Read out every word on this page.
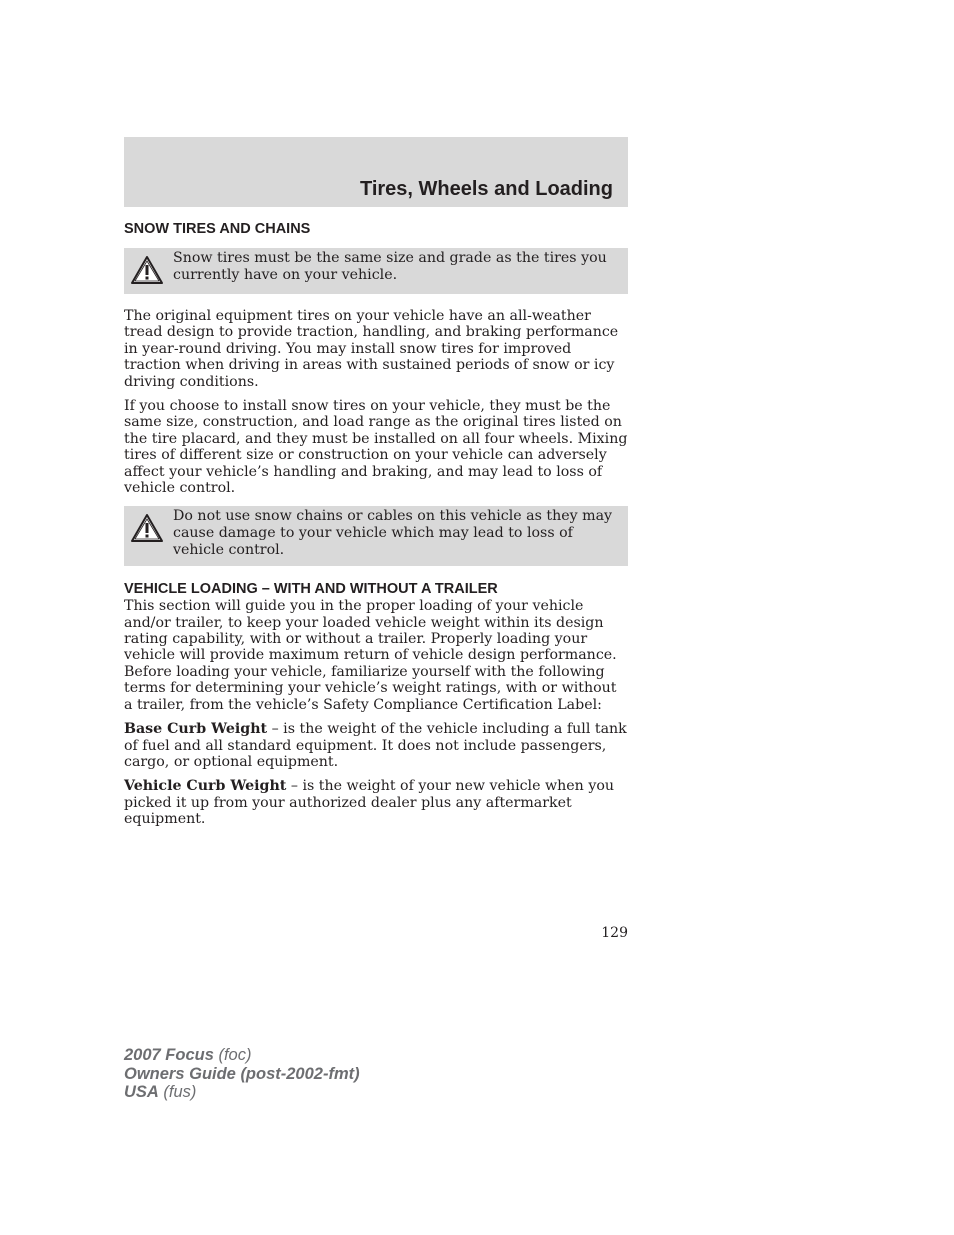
Tires, Wheels and Loading
SNOW TIRES AND CHAINS
Snow tires must be the same size and grade as the tires you currently have on your vehicle.

The original equipment tires on your vehicle have an all-weather tread design to provide traction, handling, and braking performance in year-round driving. You may install snow tires for improved traction when driving in areas with sustained periods of snow or icy driving conditions.

If you choose to install snow tires on your vehicle, they must be the same size, construction, and load range as the original tires listed on the tire placard, and they must be installed on all four wheels. Mixing tires of different size or construction on your vehicle can adversely affect your vehicle’s handling and braking, and may lead to loss of vehicle control.

Do not use snow chains or cables on this vehicle as they may cause damage to your vehicle which may lead to loss of vehicle control.
VEHICLE LOADING – WITH AND WITHOUT A TRAILER

This section will guide you in the proper loading of your vehicle and/or trailer, to keep your loaded vehicle weight within its design rating capability, with or without a trailer. Properly loading your vehicle will provide maximum return of vehicle design performance. Before loading your vehicle, familiarize yourself with the following terms for determining your vehicle’s weight ratings, with or without a trailer, from the vehicle’s Safety Compliance Certification Label:

Base Curb Weight – is the weight of the vehicle including a full tank of fuel and all standard equipment. It does not include passengers, cargo, or optional equipment.

Vehicle Curb Weight – is the weight of your new vehicle when you picked it up from your authorized dealer plus any aftermarket equipment.

129
2007 Focus (foc)
Owners Guide (post-2002-fmt)
USA (fus)
